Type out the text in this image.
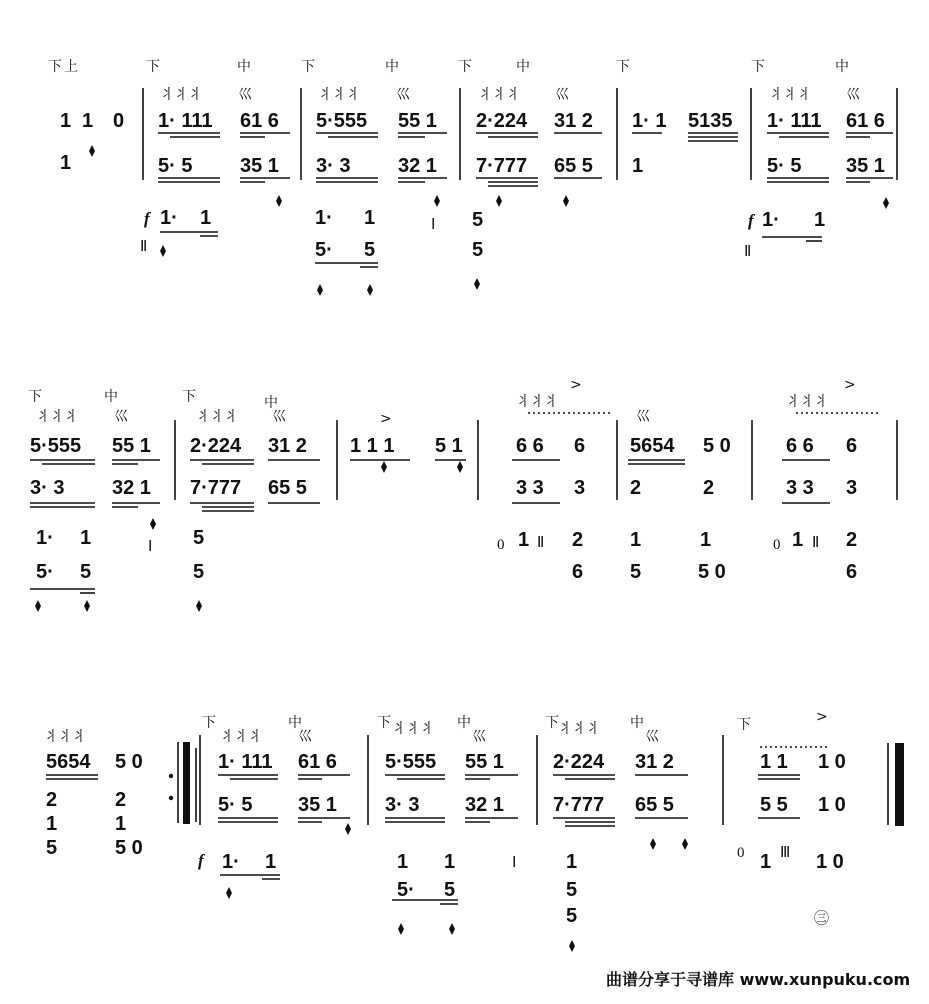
下 上	下	中	下	中	下	中	下	下	中
⺦⺦⺦	巛	⺦⺦⺦	巛	⺦⺦⺦	巛	⺦⺦⺦	巛
1 1 0
1
1· 111 61 6 5·555 55 1 2·224 31 2 1· 1 5135 1· 111 61 6
5· 5 35 1 3· 3 32 1 7·777 65 5 1	5· 5 35 1
f
Ⅱ
1· 1	1· 1
5· 5
Ⅰ 5
5
f
Ⅱ
1· 1
下	中	下	中
⺦⺦⺦	巛	⺦⺦⺦ 巛	>
>	>
⺦⺦⺦
巛
⺦⺦⺦
5·555 55 1 2·224 31 2 1 1 1 5 1	6 6 6 5654 5 0	6 6 6
3· 3 32 1 7·777 65 5	3 3 3 2	2	3 3 3
1· 1
5· 5
Ⅰ 5
5
0 1 Ⅱ 2
6
1
5
1
5 0
0 1 Ⅱ 2
6
⺦⺦⺦
下	中	下	中	下	中	下	>
⺦⺦⺦	巛	⺦⺦⺦	巛	⺦⺦⺦	巛
5654 5 0	1· 111 61 6 5·555 55 1 2·224 31 2	1 1 1 0
2	2	5· 5 35 1 3· 3 32 1 7·777 65 5	5 5 1 0
1	1
5	5 0
f 1· 1	1 1
5· 5
Ⅰ 1
5
5
0 1 Ⅲ 1 0
㊂
曲谱分享于寻谱库 www.xunpuku.com
